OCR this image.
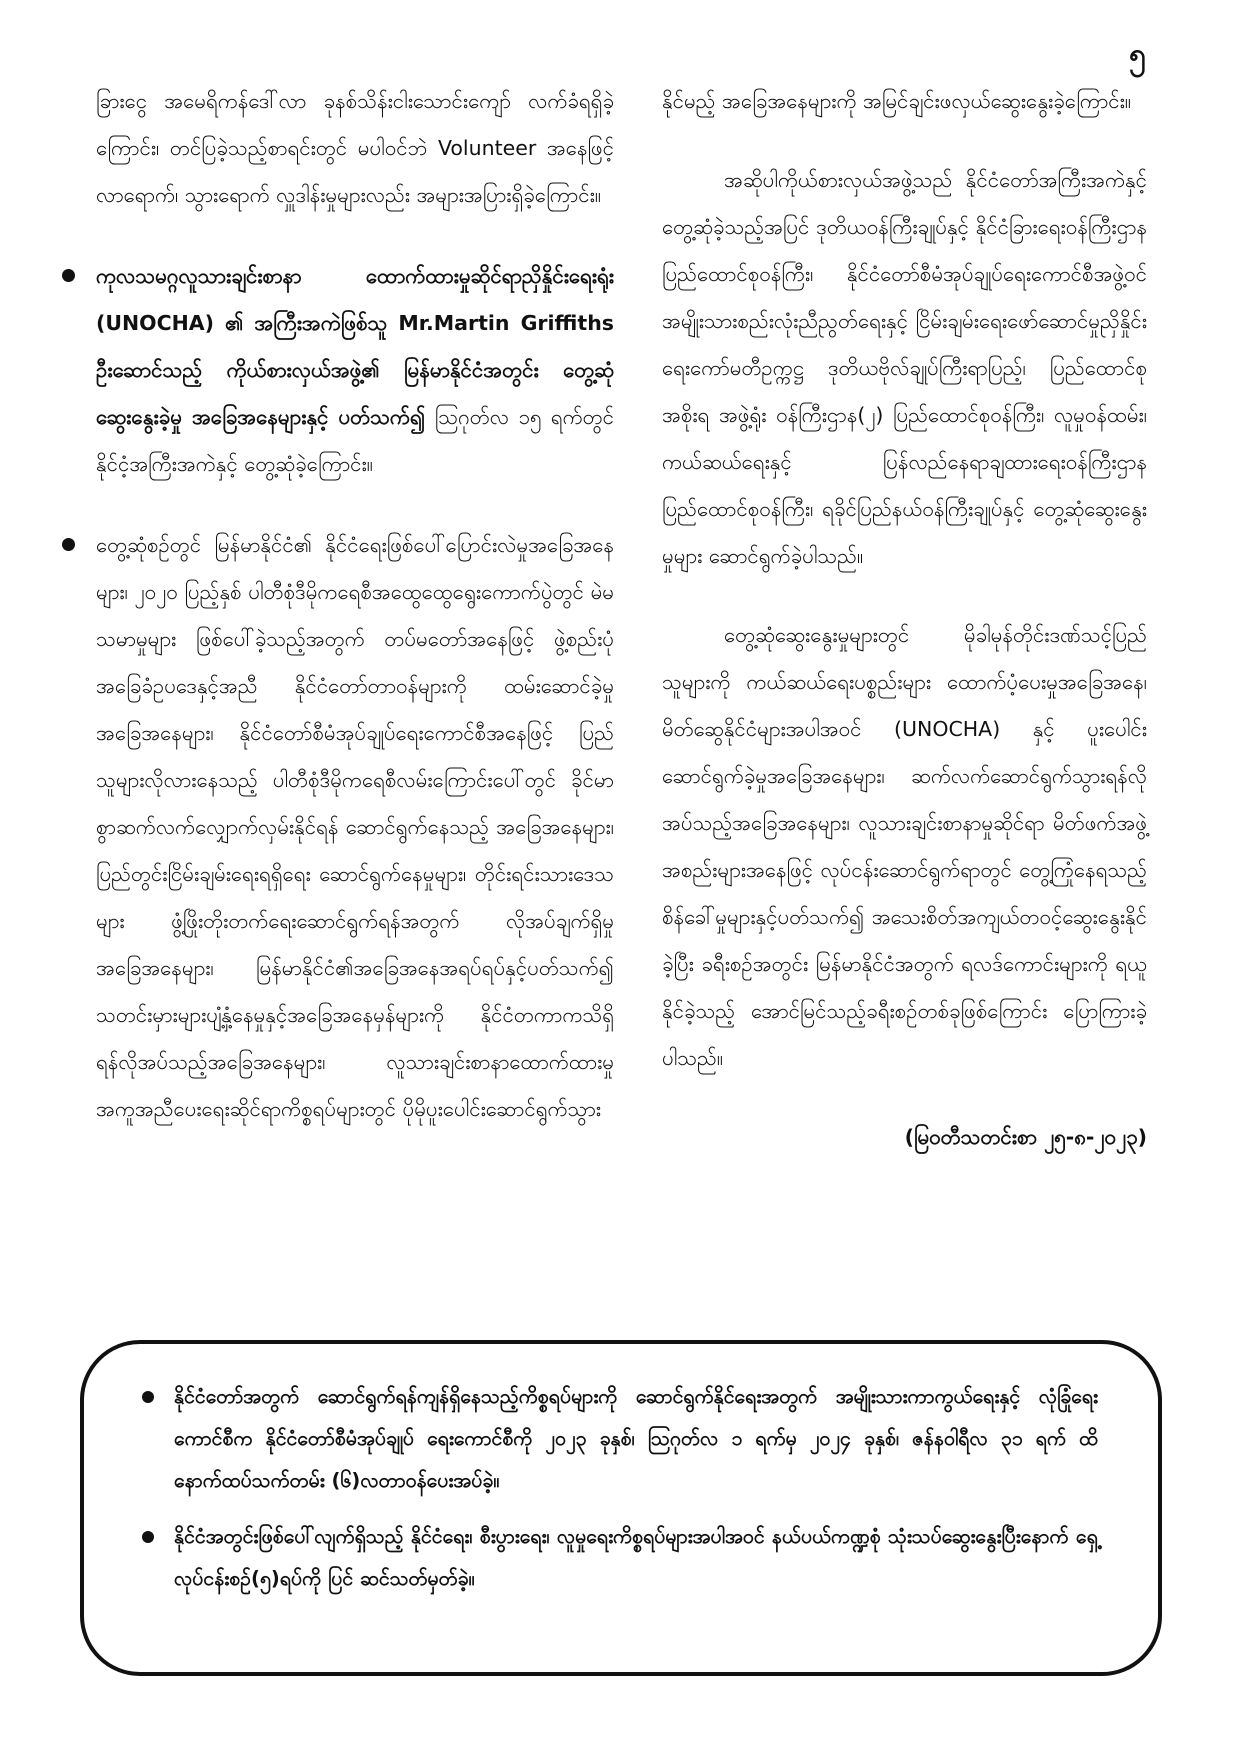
၅

ခြားငွေ အမေရိကန်ဒေါ်လာ ခုနစ်သိန်းငါးသောင်းကျော် လက်ခံရရှိခဲ့ကြောင်း၊ တင်ပြခဲ့သည့်စာရင်းတွင် မပါဝင်ဘဲ Volunteer အနေဖြင့် လာရောက်၊ သွားရောက် လှူဒါန်းမှုများလည်း အများအပြားရှိခဲ့ကြောင်း။

ကုလသမဂ္ဂလူသားချင်းစာနာ ထောက်ထားမှုဆိုင်ရာညှိနှိုင်းရေးရုံး (UNOCHA) ၏ အကြီးအကဲဖြစ်သူ Mr.Martin Griffiths ဦးဆောင်သည့် ကိုယ်စားလှယ်အဖွဲ့၏ မြန်မာနိုင်ငံအတွင်း တွေ့ဆုံဆွေးနွေးခဲ့မှု အခြေအနေများနှင့် ပတ်သက်၍ ဩဂုတ်လ ၁၅ ရက်တွင် နိုင်ငံ့အကြီးအကဲနှင့် တွေ့ဆုံခဲ့ကြောင်း။

တွေ့ဆုံစဉ်တွင် မြန်မာနိုင်ငံ၏ နိုင်ငံရေးဖြစ်ပေါ်ပြောင်းလဲမှုအခြေအနေများ၊ ၂၀၂၀ ပြည့်နှစ် ပါတီစုံဒီမိုကရေစီအထွေထွေရွေးကောက်ပွဲတွင် မဲမသမာမှုများ ဖြစ်ပေါ်ခဲ့သည့်အတွက် တပ်မတော်အနေဖြင့် ဖွဲ့စည်းပုံအခြေခံဥပဒေနှင့်အညီ နိုင်ငံတော်တာဝန်များကို ထမ်းဆောင်ခဲ့မှုအခြေအနေများ၊ နိုင်ငံတော်စီမံအုပ်ချုပ်ရေးကောင်စီအနေဖြင့် ပြည်သူများလိုလားနေသည့် ပါတီစုံဒီမိုကရေစီလမ်းကြောင်းပေါ်တွင် ခိုင်မာစွာဆက်လက်လျှောက်လှမ်းနိုင်ရန် ဆောင်ရွက်နေသည့် အခြေအနေများ၊ ပြည်တွင်းငြိမ်းချမ်းရေးရရှိရေး ဆောင်ရွက်နေမှုများ၊ တိုင်းရင်းသားဒေသများ ဖွံ့ဖြိုးတိုးတက်ရေးဆောင်ရွက်ရန်အတွက် လိုအပ်ချက်ရှိမှု အခြေအနေများ၊ မြန်မာနိုင်ငံ၏အခြေအနေအရပ်ရပ်နှင့်ပတ်သက်၍ သတင်းမှားများပျံ့နှံ့နေမှုနှင့်အခြေအနေမှန်များကို နိုင်ငံတကာကသိရှိရန်လိုအပ်သည့်အခြေအနေများ၊ လူသားချင်းစာနာထောက်ထားမှု အကူအညီပေးရေးဆိုင်ရာကိစ္စရပ်များတွင် ပိုမိုပူးပေါင်းဆောင်ရွက်သွား

နိုင်မည့် အခြေအနေများကို အမြင်ချင်းဖလှယ်ဆွေးနွေးခဲ့ကြောင်း။

အဆိုပါကိုယ်စားလှယ်အဖွဲ့သည် နိုင်ငံတော်အကြီးအကဲနှင့်တွေ့ဆုံခဲ့သည့်အပြင် ဒုတိယဝန်ကြီးချုပ်နှင့် နိုင်ငံခြားရေးဝန်ကြီးဌာန ပြည်ထောင်စုဝန်ကြီး၊ နိုင်ငံတော်စီမံအုပ်ချုပ်ရေးကောင်စီအဖွဲ့ဝင် အမျိုးသားစည်းလုံးညီညွတ်ရေးနှင့် ငြိမ်းချမ်းရေးဖော်ဆောင်မှုညှိနှိုင်းရေးကော်မတီဥက္ကဋ္ဌ ဒုတိယဗိုလ်ချုပ်ကြီးရာပြည့်၊ ပြည်ထောင်စုအစိုးရ အဖွဲ့ရုံး ဝန်ကြီးဌာန(၂) ပြည်ထောင်စုဝန်ကြီး၊ လူမှုဝန်ထမ်း၊ ကယ်ဆယ်ရေးနှင့် ပြန်လည်နေရာချထားရေးဝန်ကြီးဌာန ပြည်ထောင်စုဝန်ကြီး၊ ရခိုင်ပြည်နယ်ဝန်ကြီးချုပ်နှင့် တွေ့ဆုံဆွေးနွေးမှုများ ဆောင်ရွက်ခဲ့ပါသည်။

တွေ့ဆုံဆွေးနွေးမှုများတွင် မိုခါမုန်တိုင်းဒဏ်သင့်ပြည်သူများကို ကယ်ဆယ်ရေးပစ္စည်းများ ထောက်ပံ့ပေးမှုအခြေအနေ၊ မိတ်ဆွေနိုင်ငံများအပါအဝင် (UNOCHA) နှင့် ပူးပေါင်းဆောင်ရွက်ခဲ့မှုအခြေအနေများ၊ ဆက်လက်ဆောင်ရွက်သွားရန်လိုအပ်သည့်အခြေအနေများ၊ လူသားချင်းစာနာမှုဆိုင်ရာ မိတ်ဖက်အဖွဲ့အစည်းများအနေဖြင့် လုပ်ငန်းဆောင်ရွက်ရာတွင် တွေ့ကြုံနေရသည့် စိန်ခေါ်မှုများနှင့်ပတ်သက်၍ အသေးစိတ်အကျယ်တဝင့်ဆွေးနွေးနိုင်ခဲ့ပြီး ခရီးစဉ်အတွင်း မြန်မာနိုင်ငံအတွက် ရလဒ်ကောင်းများကို ရယူနိုင်ခဲ့သည့် အောင်မြင်သည့်ခရီးစဉ်တစ်ခုဖြစ်ကြောင်း ပြောကြားခဲ့ပါသည်။

(မြဝတီသတင်းစာ ၂၅-၈-၂၀၂၃)

နိုင်ငံတော်အတွက် ဆောင်ရွက်ရန်ကျန်ရှိနေသည့်ကိစ္စရပ်များကို ဆောင်ရွက်နိုင်ရေးအတွက် အမျိုးသားကာကွယ်ရေးနှင့် လုံခြုံရေးကောင်စီက နိုင်ငံတော်စီမံအုပ်ချုပ် ရေးကောင်စီကို ၂၀၂၃ ခုနှစ်၊ ဩဂုတ်လ ၁ ရက်မှ ၂၀၂၄ ခုနှစ်၊ ဇန်နဝါရီလ ၃၁ ရက် ထိ နောက်ထပ်သက်တမ်း (၆)လတာဝန်ပေးအပ်ခဲ့။
နိုင်ငံအတွင်းဖြစ်ပေါ်လျက်ရှိသည့် နိုင်ငံရေး၊ စီးပွားရေး၊ လူမှုရေးကိစ္စရပ်များအပါအဝင် နယ်ပယ်ကဏ္ဍစုံ သုံးသပ်ဆွေးနွေးပြီးနောက် ရှေ့လုပ်ငန်းစဉ်(၅)ရပ်ကို ပြင် ဆင်သတ်မှတ်ခဲ့။
